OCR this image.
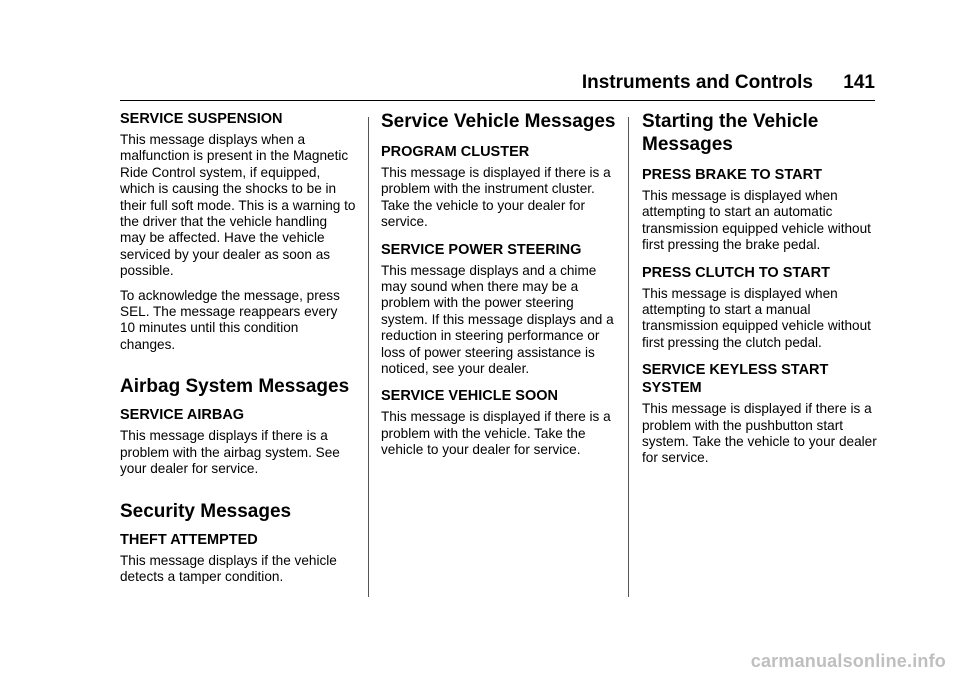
Instruments and Controls 141
SERVICE SUSPENSION

This message displays when a malfunction is present in the Magnetic Ride Control system, if equipped, which is causing the shocks to be in their full soft mode. This is a warning to the driver that the vehicle handling may be affected. Have the vehicle serviced by your dealer as soon as possible.

To acknowledge the message, press SEL. The message reappears every 10 minutes until this condition changes.

Airbag System Messages
SERVICE AIRBAG

This message displays if there is a problem with the airbag system. See your dealer for service.

Security Messages
THEFT ATTEMPTED

This message displays if the vehicle detects a tamper condition.

Service Vehicle Messages
PROGRAM CLUSTER

This message is displayed if there is a problem with the instrument cluster. Take the vehicle to your dealer for service.

SERVICE POWER STEERING

This message displays and a chime may sound when there may be a problem with the power steering system. If this message displays and a reduction in steering performance or loss of power steering assistance is noticed, see your dealer.

SERVICE VEHICLE SOON

This message is displayed if there is a problem with the vehicle. Take the vehicle to your dealer for service.

Starting the Vehicle Messages
PRESS BRAKE TO START

This message is displayed when attempting to start an automatic transmission equipped vehicle without first pressing the brake pedal.

PRESS CLUTCH TO START

This message is displayed when attempting to start a manual transmission equipped vehicle without first pressing the clutch pedal.

SERVICE KEYLESS START SYSTEM

This message is displayed if there is a problem with the pushbutton start system. Take the vehicle to your dealer for service.

carmanualsonline.info
